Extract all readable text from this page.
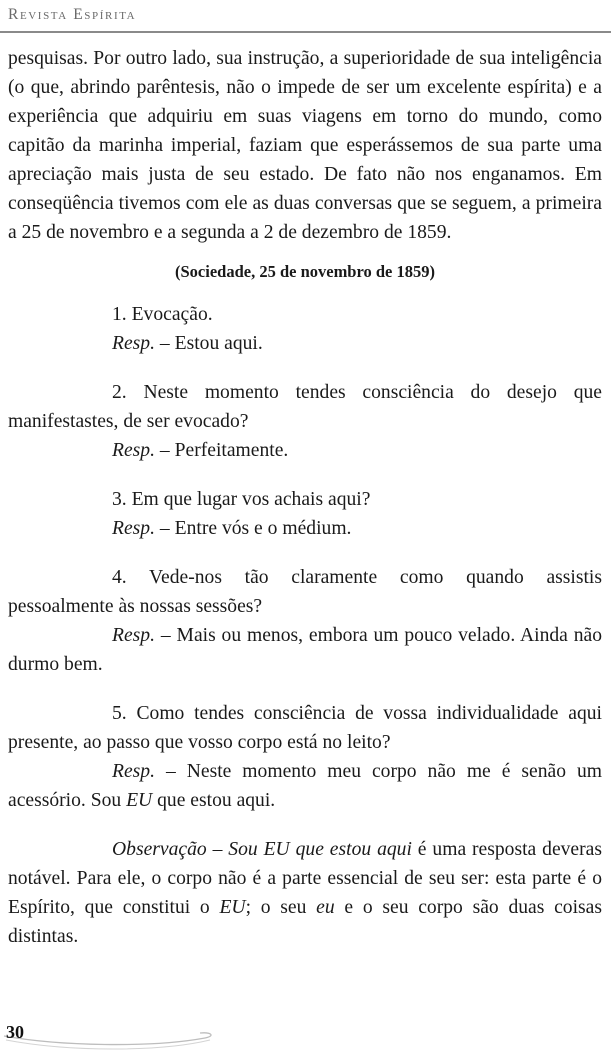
Revista Espírita

pesquisas. Por outro lado, sua instrução, a superioridade de sua inteligência (o que, abrindo parêntesis, não o impede de ser um excelente espírita) e a experiência que adquiriu em suas viagens em torno do mundo, como capitão da marinha imperial, faziam que esperássemos de sua parte uma apreciação mais justa de seu estado. De fato não nos enganamos. Em conseqüência tivemos com ele as duas conversas que se seguem, a primeira a 25 de novembro e a segunda a 2 de dezembro de 1859.

(Sociedade, 25 de novembro de 1859)

1. Evocação.

Resp. – Estou aqui.

2. Neste momento tendes consciência do desejo que manifestastes, de ser evocado?

Resp. – Perfeitamente.

3. Em que lugar vos achais aqui?

Resp. – Entre vós e o médium.

4. Vede-nos tão claramente como quando assistis pessoalmente às nossas sessões?

Resp. – Mais ou menos, embora um pouco velado. Ainda não durmo bem.

5. Como tendes consciência de vossa individualidade aqui presente, ao passo que vosso corpo está no leito?

Resp. – Neste momento meu corpo não me é senão um acessório. Sou EU que estou aqui.

Observação – Sou EU que estou aqui é uma resposta deveras notável. Para ele, o corpo não é a parte essencial de seu ser: esta parte é o Espírito, que constitui o EU; o seu eu e o seu corpo são duas coisas distintas.

30
